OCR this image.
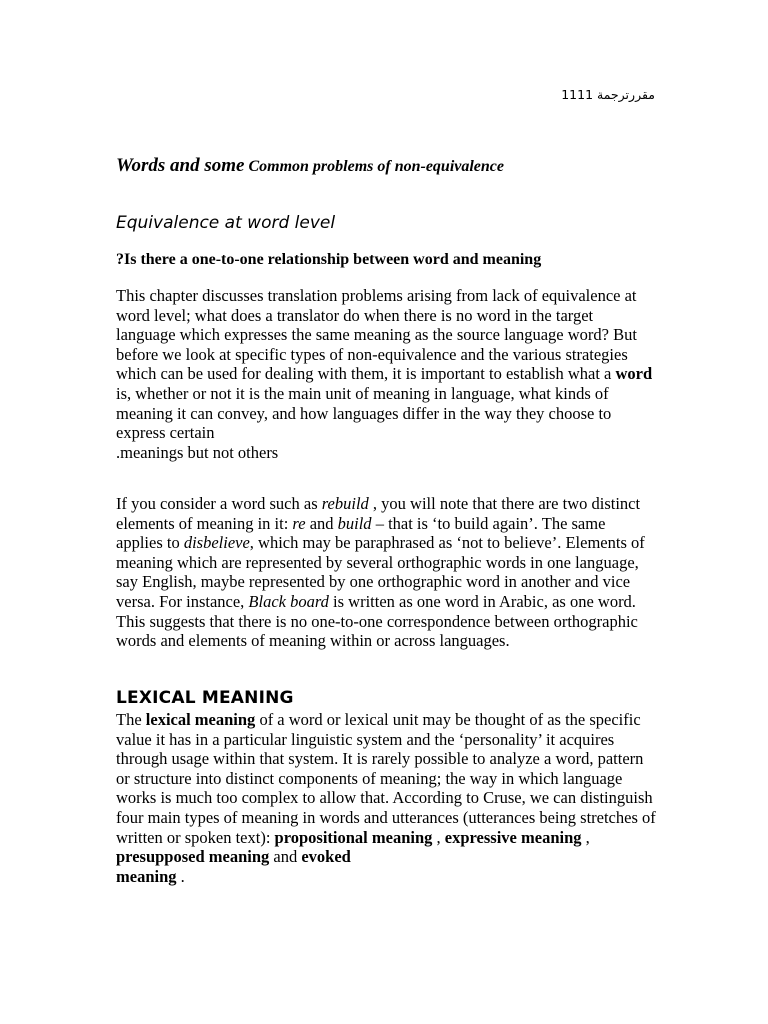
مقررترجمة 1111
Words and some Common problems of non-equivalence
Equivalence at word level
?Is there a one-to-one relationship between word and meaning
This chapter discusses translation problems arising from lack of equivalence at word level; what does a translator do when there is no word in the target language which expresses the same meaning as the source language word? But before we look at specific types of non-equivalence and the various strategies which can be used for dealing with them, it is important to establish what a word is, whether or not it is the main unit of meaning in language, what kinds of meaning it can convey, and how languages differ in the way they choose to express certain
.meanings but not others
If you consider a word such as rebuild , you will note that there are two distinct elements of meaning in it: re and build – that is ‘to build again’. The same applies to disbelieve, which may be paraphrased as ‘not to believe’. Elements of meaning which are represented by several orthographic words in one language, say English, maybe represented by one orthographic word in another and vice versa. For instance, Black board is written as one word in Arabic, as one word. This suggests that there is no one-to-one correspondence between orthographic words and elements of meaning within or across languages.
LEXICAL MEANING
The lexical meaning of a word or lexical unit may be thought of as the specific value it has in a particular linguistic system and the ‘personality’ it acquires through usage within that system. It is rarely possible to analyze a word, pattern or structure into distinct components of meaning; the way in which language works is much too complex to allow that. According to Cruse, we can distinguish four main types of meaning in words and utterances (utterances being stretches of written or spoken text): propositional meaning , expressive meaning , presupposed meaning and evoked
meaning .
